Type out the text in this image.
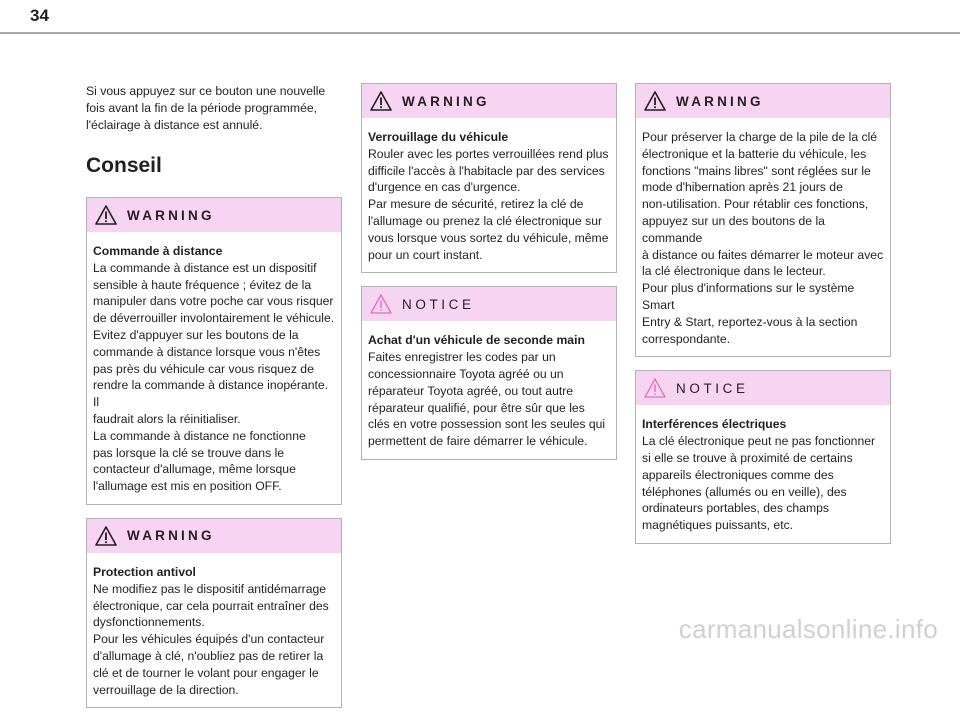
34

Si vous appuyez sur ce bouton une nouvelle
fois avant la fin de la période programmée,
l'éclairage à distance est annulé.

Conseil
WARNING
Commande à distance
La commande à distance est un dispositif
sensible à haute fréquence ; évitez de la
manipuler dans votre poche car vous risquer
de déverrouiller involontairement le véhicule.
Evitez d'appuyer sur les boutons de la
commande à distance lorsque vous n'êtes
pas près du véhicule car vous risquez de
rendre la commande à distance inopérante. Il
faudrait alors la réinitialiser.
La commande à distance ne fonctionne
pas lorsque la clé se trouve dans le
contacteur d'allumage, même lorsque
l'allumage est mis en position OFF.
WARNING
Protection antivol
Ne modifiez pas le dispositif antidémarrage
électronique, car cela pourrait entraîner des
dysfonctionnements.
Pour les véhicules équipés d'un contacteur
d'allumage à clé, n'oubliez pas de retirer la
clé et de tourner le volant pour engager le
verrouillage de la direction.
WARNING
Verrouillage du véhicule
Rouler avec les portes verrouillées rend plus
difficile l'accès à l'habitacle par des services
d'urgence en cas d'urgence.
Par mesure de sécurité, retirez la clé de
l'allumage ou prenez la clé électronique sur
vous lorsque vous sortez du véhicule, même
pour un court instant.
NOTICE
Achat d'un véhicule de seconde main
Faites enregistrer les codes par un
concessionnaire Toyota agréé ou un
réparateur Toyota agréé, ou tout autre
réparateur qualifié, pour être sûr que les
clés en votre possession sont les seules qui
permettent de faire démarrer le véhicule.
WARNING
Pour préserver la charge de la pile de la clé
électronique et la batterie du véhicule, les
fonctions "mains libres" sont réglées sur le
mode d'hibernation après 21 jours de
non-utilisation. Pour rétablir ces fonctions,
appuyez sur un des boutons de la commande
à distance ou faites démarrer le moteur avec
la clé électronique dans le lecteur.
Pour plus d'informations sur le système Smart
Entry & Start, reportez-vous à la section
correspondante.
NOTICE
Interférences électriques
La clé électronique peut ne pas fonctionner
si elle se trouve à proximité de certains
appareils électroniques comme des
téléphones (allumés ou en veille), des
ordinateurs portables, des champs
magnétiques puissants, etc.
carmanualsonline.info
